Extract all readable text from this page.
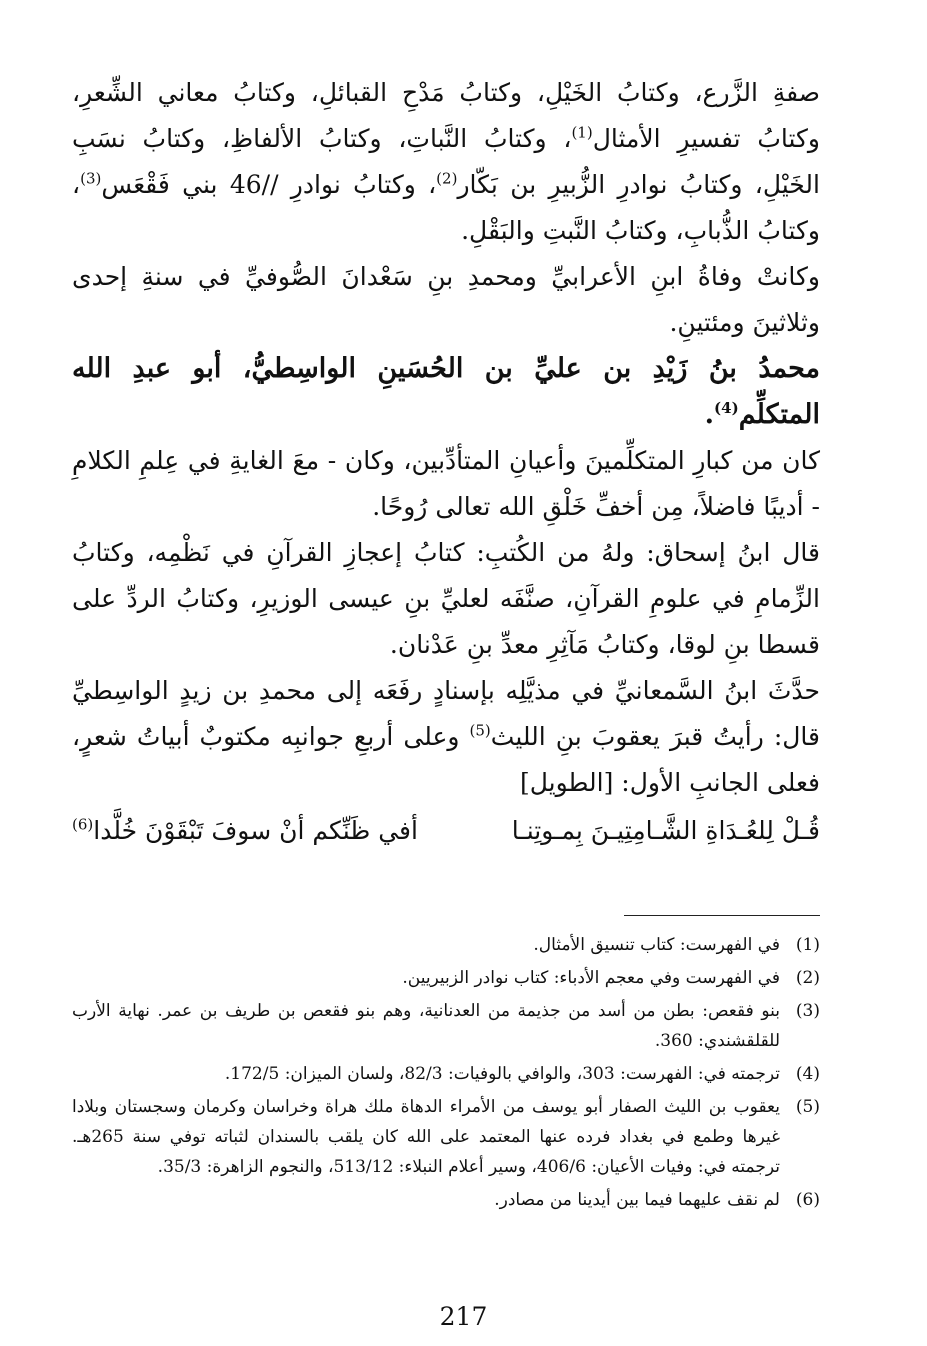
صفةِ الزَّرع، وكتابُ الخَيْلِ، وكتابُ مَدْحِ القبائلِ، وكتابُ معاني الشِّعرِ، وكتابُ تفسيرِ الأمثال$^{(1)}$، وكتابُ النَّباتِ، وكتابُ الألفاظِ، وكتابُ نسَبِ الخَيْلِ، وكتابُ نوادرِ الزُّبيرِ بن بَكّار$^{(2)}$، وكتابُ نوادرِ //46 بني فَقْعَس$^{(3)}$، وكتابُ الذُّبابِ، وكتابُ النَّبتِ والبَقْلِ.

وكانتْ وفاةُ ابنِ الأعرابيِّ ومحمدِ بنِ سَعْدانَ الصُّوفيِّ في سنةِ إحدى وثلاثينَ ومئتينِ.

محمدُ بنُ زَيْدِ بن عليِّ بن الحُسَينِ الواسِطيُّ، أبو عبدِ الله المتكلِّم$^{(4)}$.

كان من كبارِ المتكلِّمينَ وأعيانِ المتأدِّبين، وكان - معَ الغايةِ في عِلمِ الكلامِ - أديبًا فاضلاً، مِن أخفِّ خَلْقِ الله تعالى رُوحًا.

قال ابنُ إسحاق: ولهُ من الكُتبِ: كتابُ إعجازِ القرآنِ في نَظْمِه، وكتابُ الزِّمامِ في علومِ القرآنِ، صنَّفَه لعليِّ بنِ عيسى الوزيرِ، وكتابُ الردِّ على قسطا بنِ لوقا، وكتابُ مَآثِرِ معدِّ بنِ عَدْنان.

حدَّثَ ابنُ السَّمعانيِّ في مذيَّلِه بإسنادٍ رفَعَه إلى محمدِ بن زيدٍ الواسِطيِّ قال: رأيتُ قبرَ يعقوبَ بنِ الليث$^{(5)}$ وعلى أربعِ جوانبِه مكتوبٌ أبياتُ شعرٍ، فعلى الجانبِ الأول: [الطويل]

قُـلْ لِلعُـدَاةِ الشَّـامِتِيـنَ بِمـوتِنـا
أفي ظَنِّكم أنْ سوفَ تَبْقَوْنَ خُلَّدا$^{(6)}$
(1)
في الفهرست: كتاب تنسيق الأمثال.
(2)
في الفهرست وفي معجم الأدباء: كتاب نوادر الزبيريين.
(3)
بنو فقعص: بطن من أسد من جذيمة من العدنانية، وهم بنو فقعص بن طريف بن عمر. نهاية الأرب للقلقشندي: 360.
(4)
ترجمته في: الفهرست: 303، والوافي بالوفيات: 82/3، ولسان الميزان: 172/5.
(5)
يعقوب بن الليث الصفار أبو يوسف من الأمراء الدهاة ملك هراة وخراسان وكرمان وسجستان وبلادا غيرها وطمع في بغداد فرده عنها المعتمد على الله كان يلقب بالسندان لثباته توفي سنة 265هـ. ترجمته في: وفيات الأعيان: 406/6، وسير أعلام النبلاء: 513/12، والنجوم الزاهرة: 35/3.
(6)
لم نقف عليهما فيما بين أيدينا من مصادر.
217
